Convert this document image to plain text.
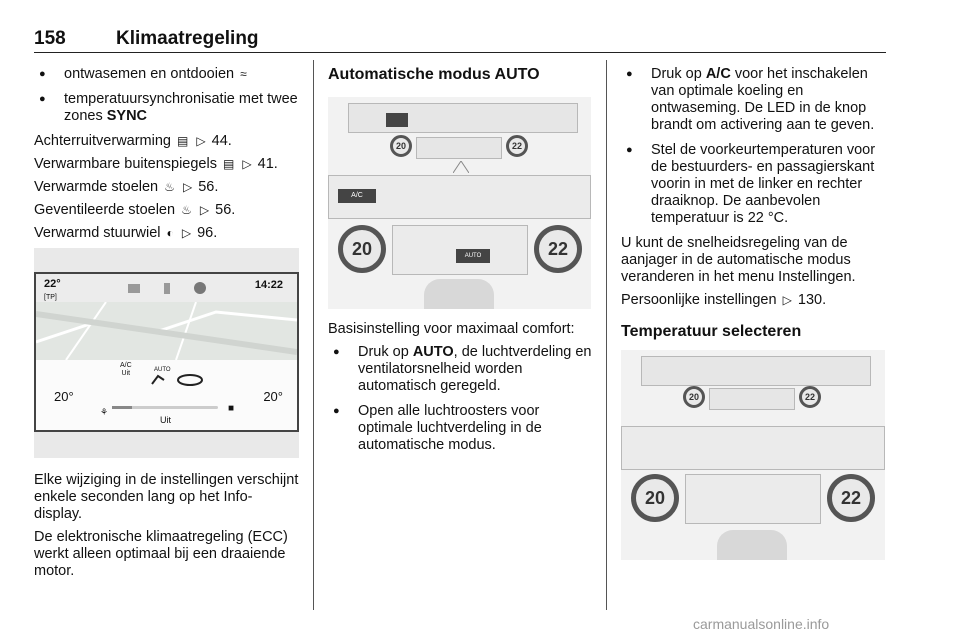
158	Klimaatregeling
● ontwasemen en ontdooien ≈
● temperatuursynchronisatie met twee zones SYNC
Achterruitverwarming ▤ ▷ 44.
Verwarmbare buitenspiegels ▤ ▷ 41.
Verwarmde stoelen ♨ ▷ 56.
Geventileerde stoelen ♨ ▷ 56.
Verwarmd stuurwiel ◐ ▷ 96.
22°
[TP]
14:22
A/C
Uit	AUTO
20°
⚘	■
Uit
20°
Elke wijziging in de instellingen verschijnt enkele seconden lang op het Info-display.
De elektronische klimaatregeling (ECC) werkt alleen optimaal bij een draaiende motor.
Automatische modus AUTO
20	22
A/C
20	22
AUTO
Basisinstelling voor maximaal comfort:
● Druk op AUTO, de luchtverdeling en ventilatorsnelheid worden automatisch geregeld.
● Open alle luchtroosters voor optimale luchtverdeling in de automatische modus.
● Druk op A/C voor het inschakelen van optimale koeling en ontwaseming. De LED in de knop brandt om activering aan te geven.
● Stel de voorkeurtemperaturen voor de bestuurders- en passagierskant voorin in met de linker en rechter draaiknop. De aanbevolen temperatuur is 22 °C.
U kunt de snelheidsregeling van de aanjager in de automatische modus veranderen in het menu Instellingen.
Persoonlijke instellingen ▷ 130.
Temperatuur selecteren
20	22
20	22
carmanualsonline.info
